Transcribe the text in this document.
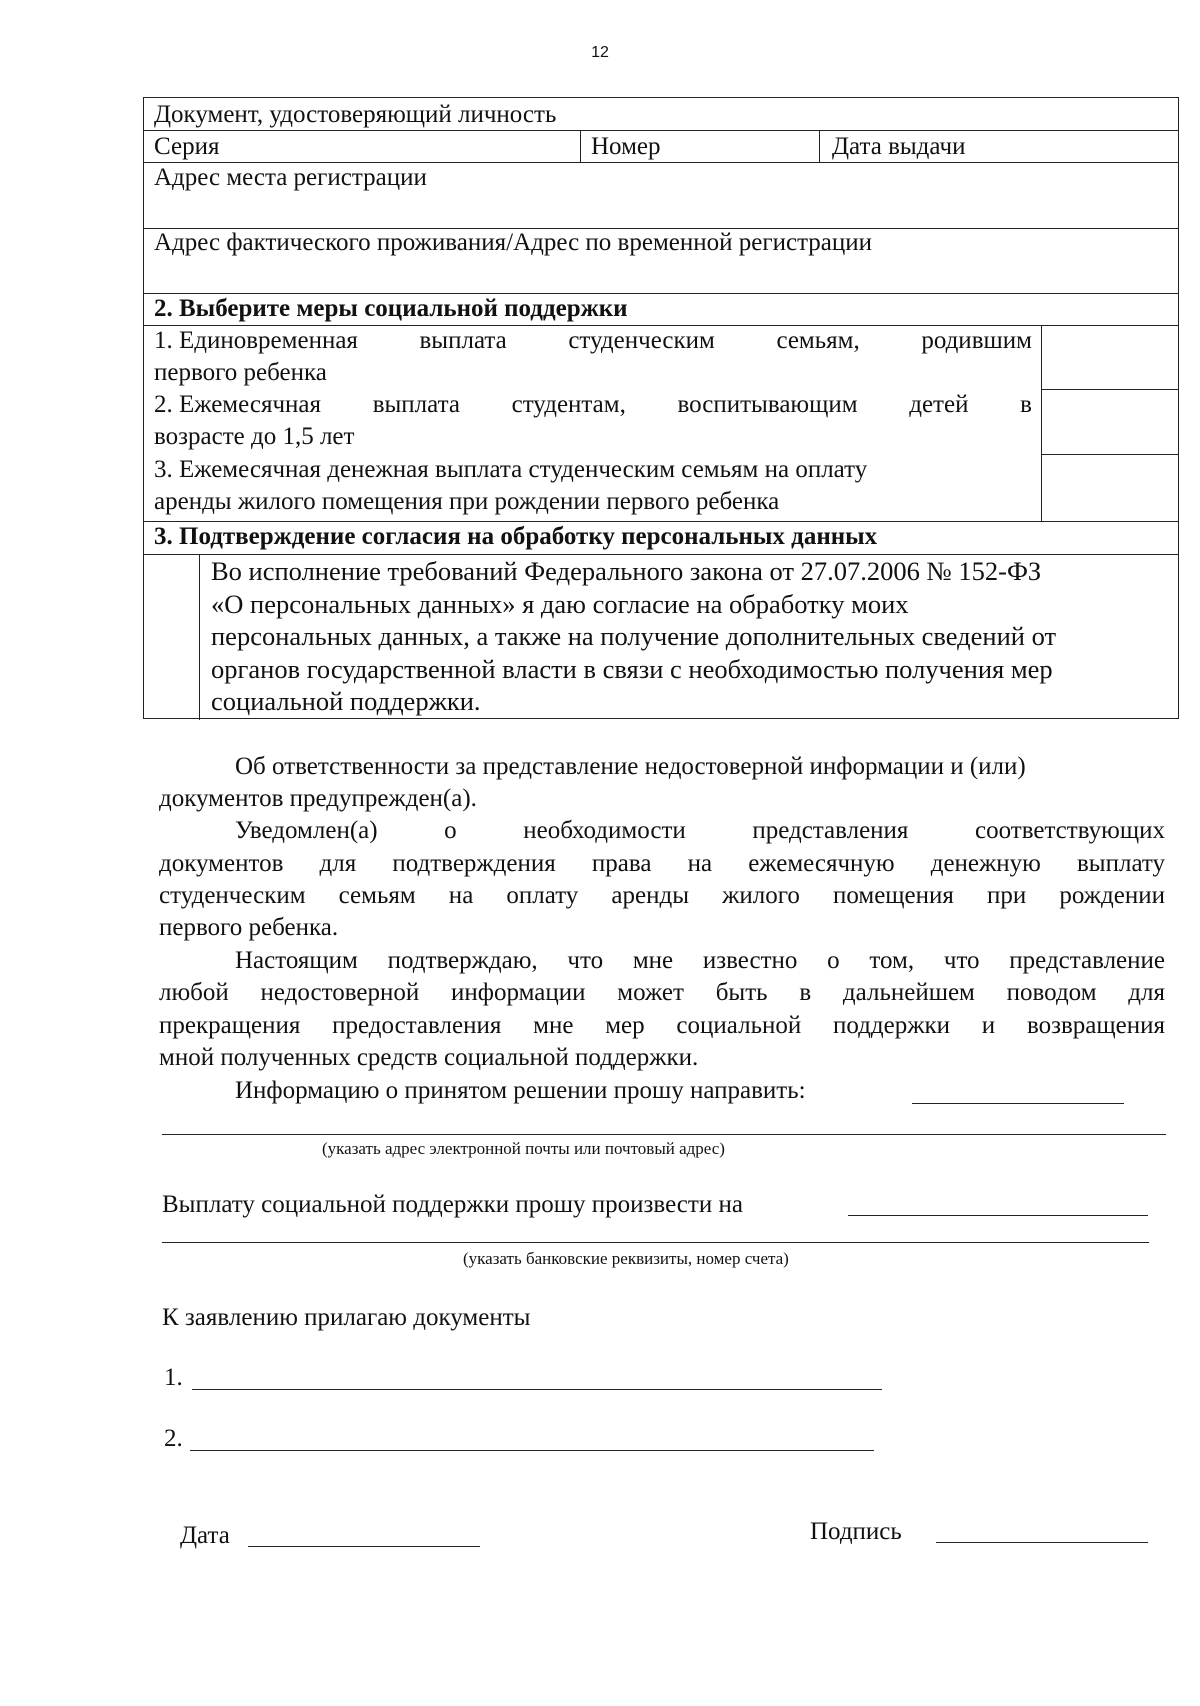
12
Документ, удостоверяющий личность
Серия	Номер	Дата выдачи
Адрес места регистрации
Адрес фактического проживания/Адрес по временной регистрации
2. Выберите меры социальной поддержки
1. Единовременная выплата студенческим семьям, родившим
первого ребенка
2. Ежемесячная выплата студентам, воспитывающим детей в
возрасте до 1,5 лет
3. Ежемесячная денежная выплата студенческим семьям на оплату
аренды жилого помещения при рождении первого ребенка
3. Подтверждение согласия на обработку персональных данных
Во исполнение требований Федерального закона от 27.07.2006 № 152-ФЗ
«О персональных данных» я даю согласие на обработку моих
персональных данных, а также на получение дополнительных сведений от
органов государственной власти в связи с необходимостью получения мер
социальной поддержки.
Об ответственности за представление недостоверной информации и (или)
документов предупрежден(а).
Уведомлен(а)	о	необходимости	представления	соответствующих
документов для подтверждения права на ежемесячную денежную выплату
студенческим семьям на оплату аренды жилого помещения при рождении
первого ребенка.
Настоящим подтверждаю, что мне известно о том, что представление
любой недостоверной информации может быть в дальнейшем поводом для
прекращения предоставления мне мер социальной поддержки и возвращения
мной полученных средств социальной поддержки.
Информацию о принятом решении прошу направить:
(указать адрес электронной почты или почтовый адрес)
Выплату социальной поддержки прошу произвести на
(указать банковские реквизиты, номер счета)
К заявлению прилагаю документы
1.
2.
Дата	Подпись
